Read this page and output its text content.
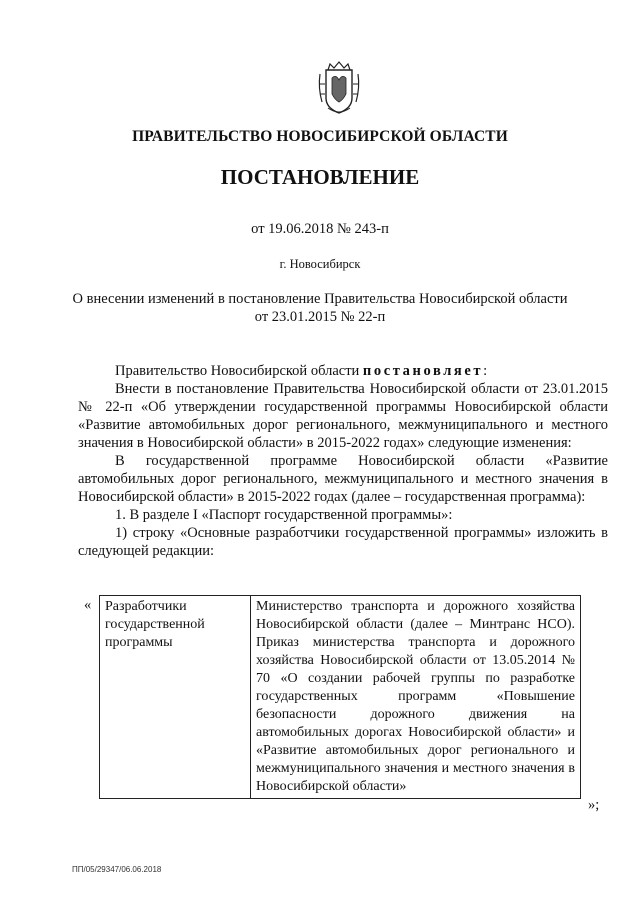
ПРАВИТЕЛЬСТВО НОВОСИБИРСКОЙ ОБЛАСТИ
ПОСТАНОВЛЕНИЕ
от 19.06.2018 № 243-п
г. Новосибирск
О внесении изменений в постановление Правительства Новосибирской области
от 23.01.2015 № 22-п

Правительство Новосибирской области постановляет:

Внести в постановление Правительства Новосибирской области от 23.01.2015 № 22-п «Об утверждении государственной программы Новосибирской области «Развитие автомобильных дорог регионального, межмуниципального и местного значения в Новосибирской области» в 2015-2022 годах» следующие изменения:

В государственной программе Новосибирской области «Развитие автомобильных дорог регионального, межмуниципального и местного значения в Новосибирской области» в 2015-2022 годах (далее – государственная программа):

1. В разделе I «Паспорт государственной программы»:

1) строку «Основные разработчики государственной программы» изложить в следующей редакции:

« Разработчики государственной программы	Министерство транспорта и дорожного хозяйства Новосибирской области (далее – Минтранс НСО). Приказ министерства транспорта и дорожного хозяйства Новосибирской области от 13.05.2014 № 70 «О создании рабочей группы по разработке государственных программ «Повышение безопасности дорожного движения на автомобильных дорогах Новосибирской области» и «Развитие автомобильных дорог регионального и межмуниципального значения и местного значения в Новосибирской области»
»;
ПП/05/29347/06.06.2018
